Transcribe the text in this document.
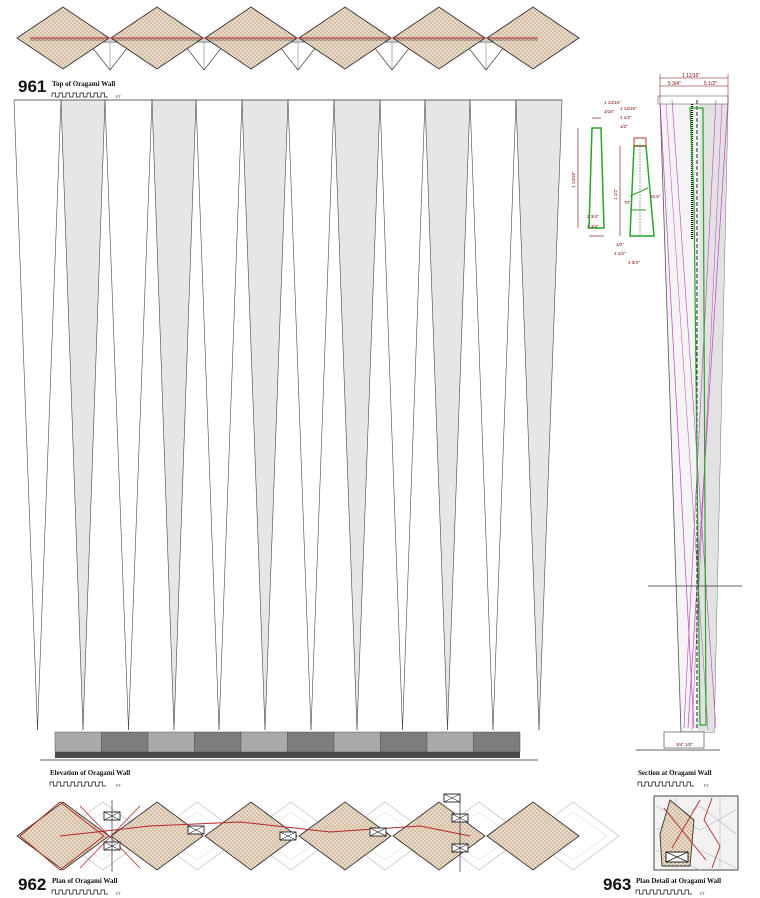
961 Top of Oragami Wall
FT
Elevation of Oragami Wall
FT
962 Plan of Oragami Wall
FT
1 11/16"
5 3/4"	5 1/2"
3/4" 1/2"
Section at Oragami Wall
FT
1 13/16"
3/16"
1 13/16"
2 3/4"
2 3/4"
1 13/16"
1 1/2"
1/2"
1 1/2"
70°
16.5°
1/2"
2 1/2"
2 3/4"
963 Plan Detail at Oragami Wall
FT
